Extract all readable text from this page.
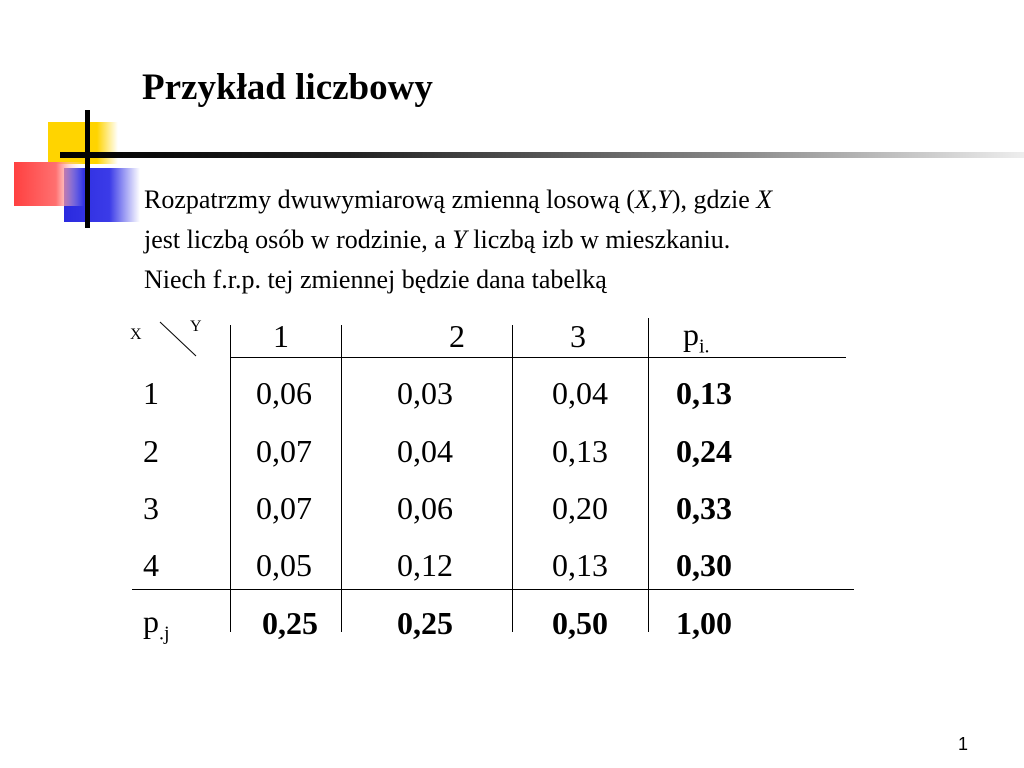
Przykład liczbowy
Rozpatrzmy dwuwymiarową zmienną losową (X,Y), gdzie X
jest liczbą osób w rodzinie, a Y liczbą izb w mieszkaniu.
Niech f.r.p. tej zmiennej będzie dana tabelką
X	Y 1	2	3	$p_{i.}$
1	0,06	0,03	0,04 0,13
2	0,07	0,04	0,13 0,24
3	0,07	0,06	0,20 0,33
4	0,05	0,12	0,13 0,30
$p_{.j}$	0,25 0,25	0,50 1,00
1
